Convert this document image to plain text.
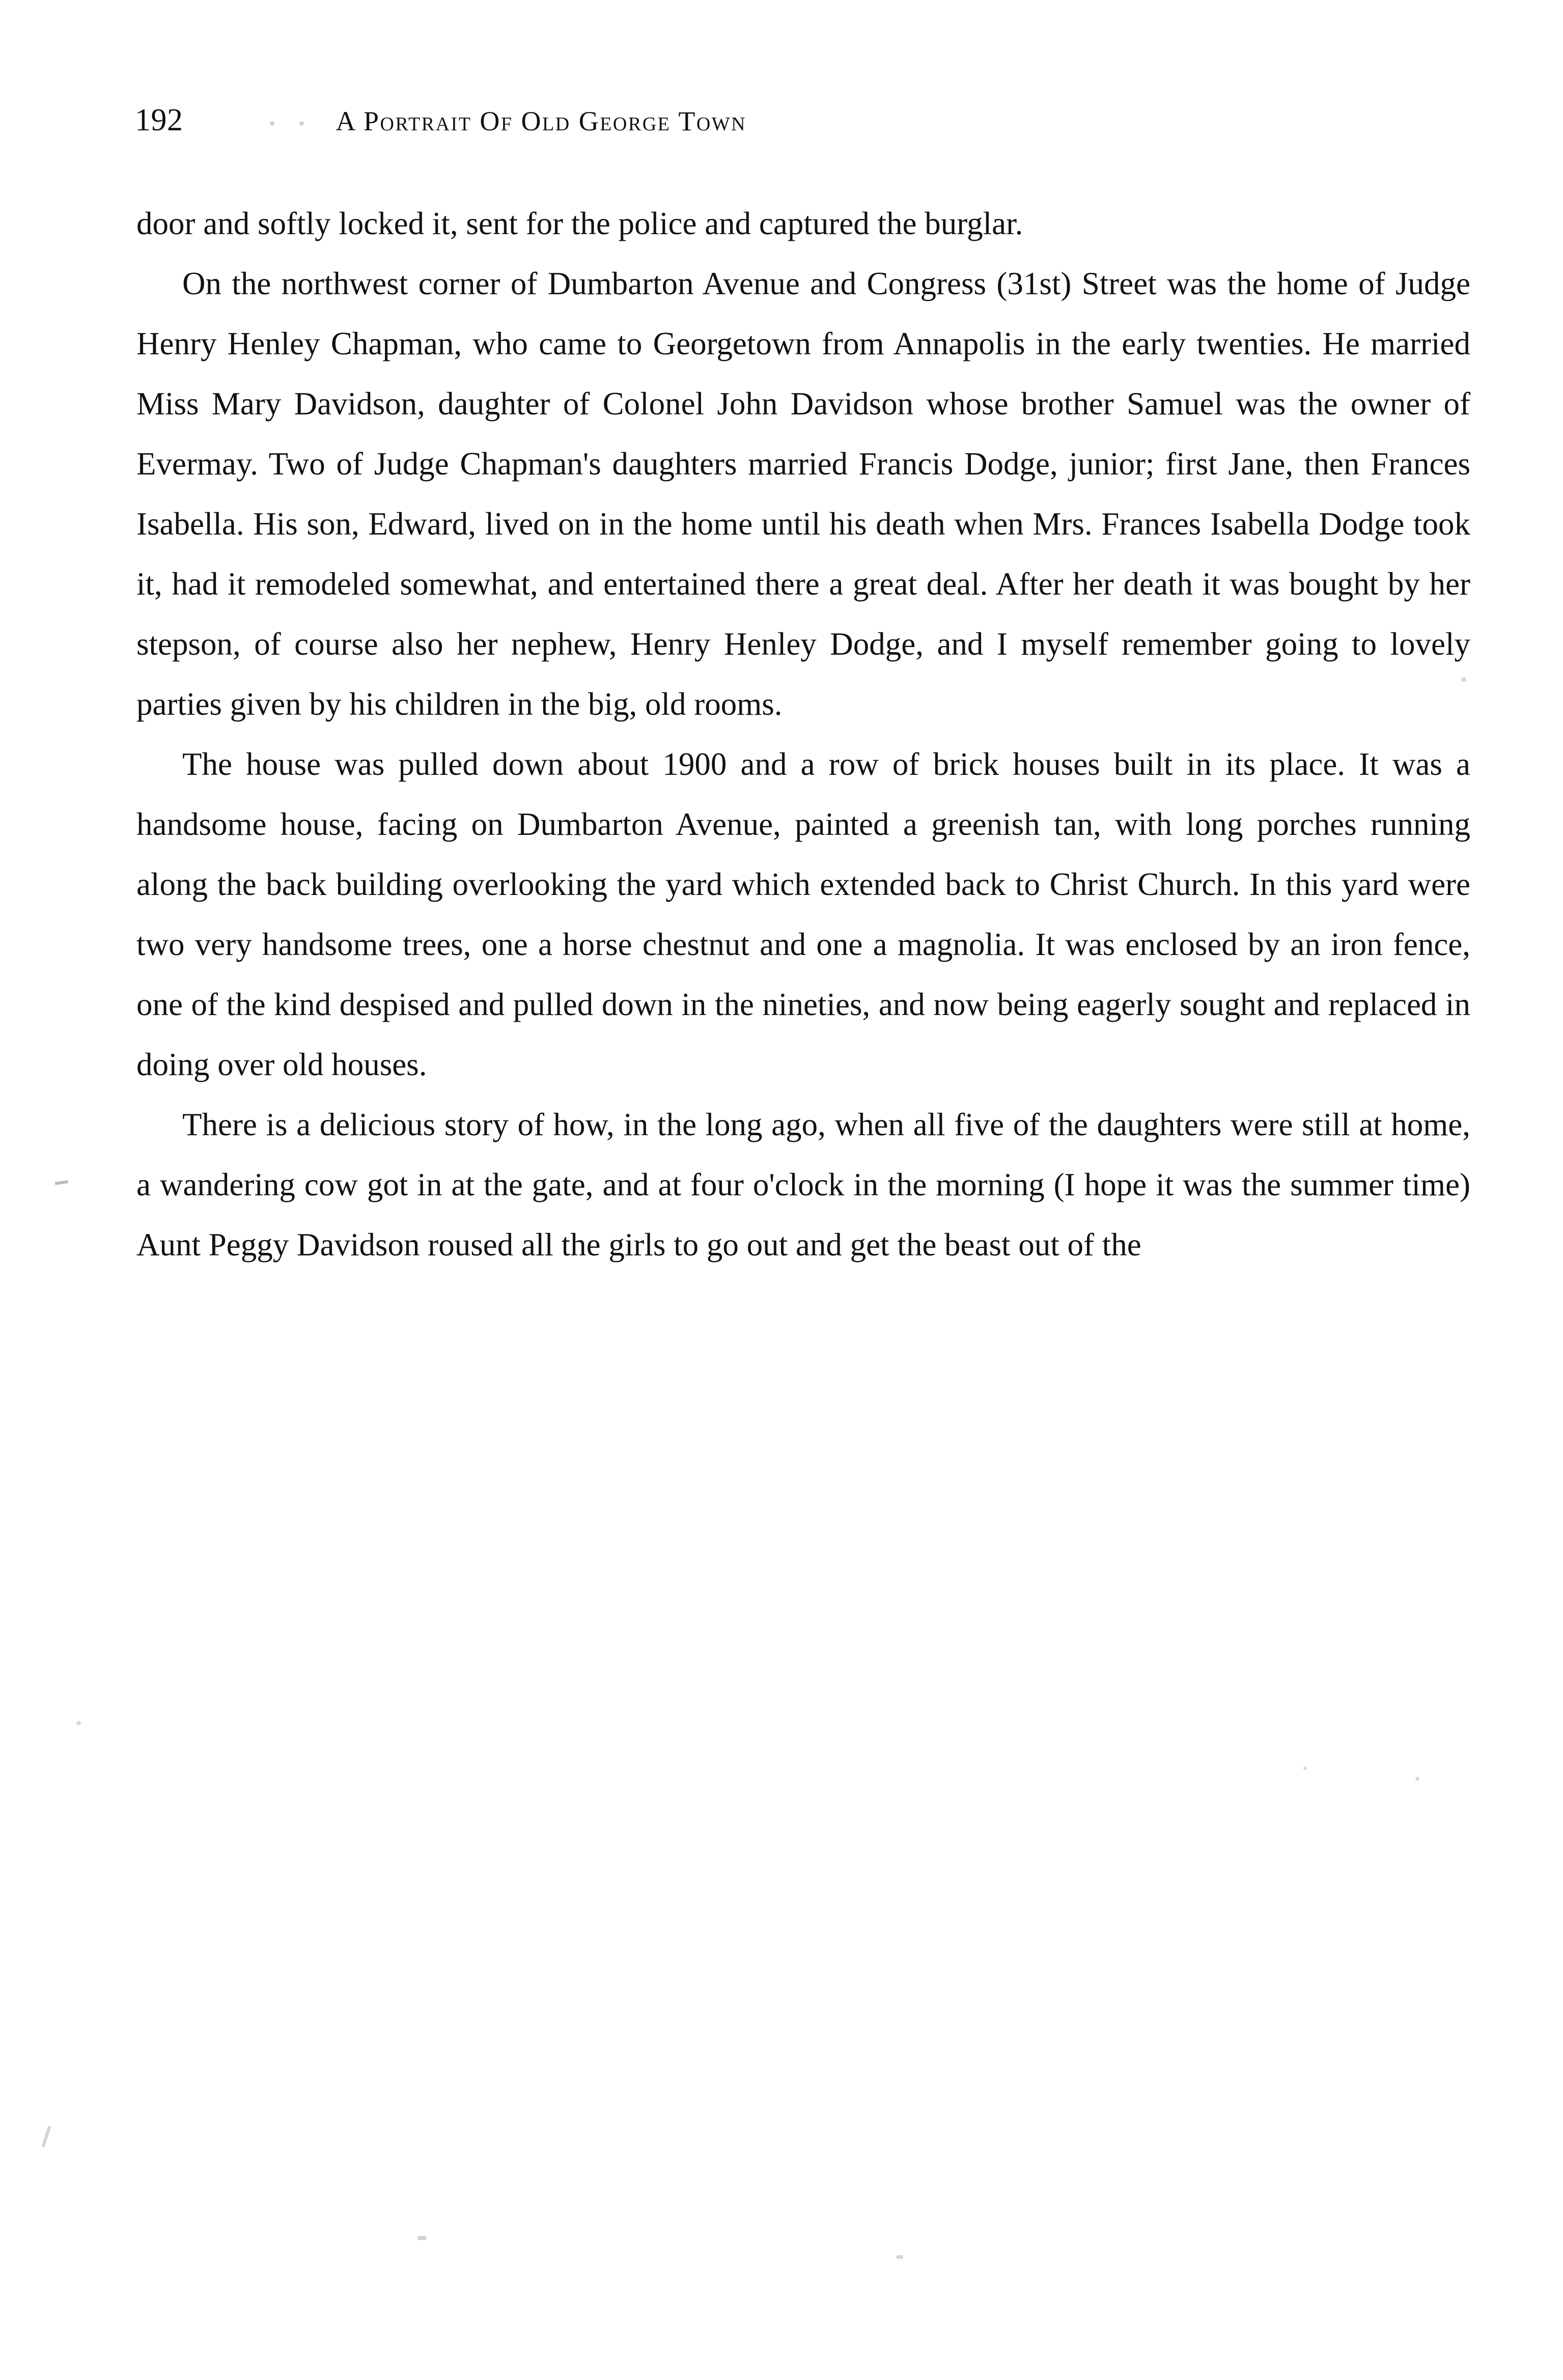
192	A Portrait Of Old George Town

door and softly locked it, sent for the police and captured the burglar.

On the northwest corner of Dumbarton Avenue and Congress (31st) Street was the home of Judge Henry Henley Chapman, who came to Georgetown from Annapolis in the early twenties. He married Miss Mary Davidson, daughter of Colonel John Davidson whose brother Samuel was the owner of Evermay. Two of Judge Chapman's daughters married Francis Dodge, junior; first Jane, then Frances Isabella. His son, Edward, lived on in the home until his death when Mrs. Frances Isabella Dodge took it, had it remodeled somewhat, and entertained there a great deal. After her death it was bought by her stepson, of course also her nephew, Henry Henley Dodge, and I myself remember going to lovely parties given by his children in the big, old rooms.

The house was pulled down about 1900 and a row of brick houses built in its place. It was a handsome house, facing on Dumbarton Avenue, painted a greenish tan, with long porches running along the back building overlooking the yard which extended back to Christ Church. In this yard were two very handsome trees, one a horse chestnut and one a magnolia. It was enclosed by an iron fence, one of the kind despised and pulled down in the nineties, and now being eagerly sought and replaced in doing over old houses.

There is a delicious story of how, in the long ago, when all five of the daughters were still at home, a wandering cow got in at the gate, and at four o'clock in the morning (I hope it was the summer time) Aunt Peggy Davidson roused all the girls to go out and get the beast out of the
